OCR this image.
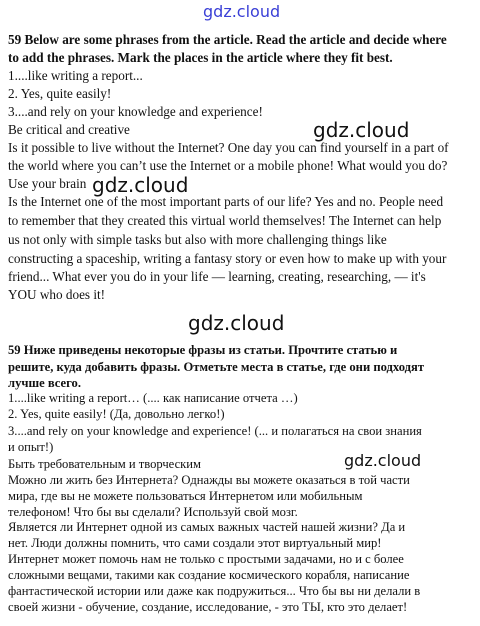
gdz.cloud
gdz.cloud
gdz.cloud
gdz.cloud
gdz.cloud
59 Below are some phrases from the article. Read the article and decide where
to add the phrases. Mark the places in the article where they fit best.
1....like writing a report...
2. Yes, quite easily!
3....and rely on your knowledge and experience!
Be critical and creative
Is it possible to live without the Internet? One day you can find yourself in a part of
the world where you can’t use the Internet or a mobile phone! What would you do?
Use your brain
Is the Internet one of the most important parts of our life? Yes and no. People need
to remember that they created this virtual world themselves! The Internet can help
us not only with simple tasks but also with more challenging things like
constructing a spaceship, writing a fantasy story or even how to make up with your
friend... What ever you do in your life — learning, creating, researching, — it's
YOU who does it!
59 Ниже приведены некоторые фразы из статьи. Прочтите статью и
решите, куда добавить фразы. Отметьте места в статье, где они подходят
лучше всего.
1....like writing a report… (.... как написание отчета …)
2. Yes, quite easily! (Да, довольно легко!)
3....and rely on your knowledge and experience! (... и полагаться на свои знания
и опыт!)
Быть требовательным и творческим
Можно ли жить без Интернета? Однажды вы можете оказаться в той части
мира, где вы не можете пользоваться Интернетом или мобильным
телефоном! Что бы вы сделали? Используй свой мозг.
Является ли Интернет одной из самых важных частей нашей жизни? Да и
нет. Люди должны помнить, что сами создали этот виртуальный мир!
Интернет может помочь нам не только с простыми задачами, но и с более
сложными вещами, такими как создание космического корабля, написание
фантастической истории или даже как подружиться... Что бы вы ни делали в
своей жизни - обучение, создание, исследование, - это ТЫ, кто это делает!
